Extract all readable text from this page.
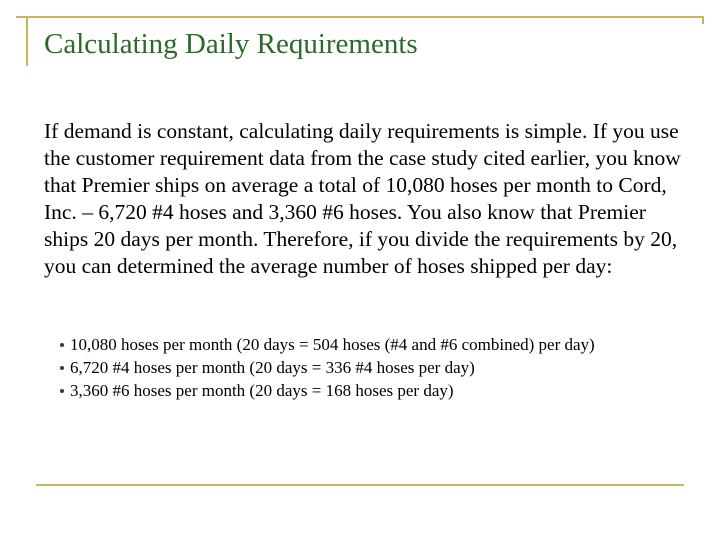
Calculating Daily Requirements

If demand is constant, calculating daily requirements is simple. If you use the customer requirement data from the case study cited earlier, you know that Premier ships on average a total of 10,080 hoses per month to Cord, Inc. – 6,720 #4 hoses and 3,360 #6 hoses. You also know that Premier ships 20 days per month. Therefore, if you divide the requirements by 20, you can determined the average number of hoses shipped per day:

10,080 hoses per month (20 days = 504 hoses (#4 and #6 combined) per day)
6,720 #4 hoses per month (20 days = 336 #4 hoses per day)
3,360 #6 hoses per month (20 days = 168 hoses per day)
